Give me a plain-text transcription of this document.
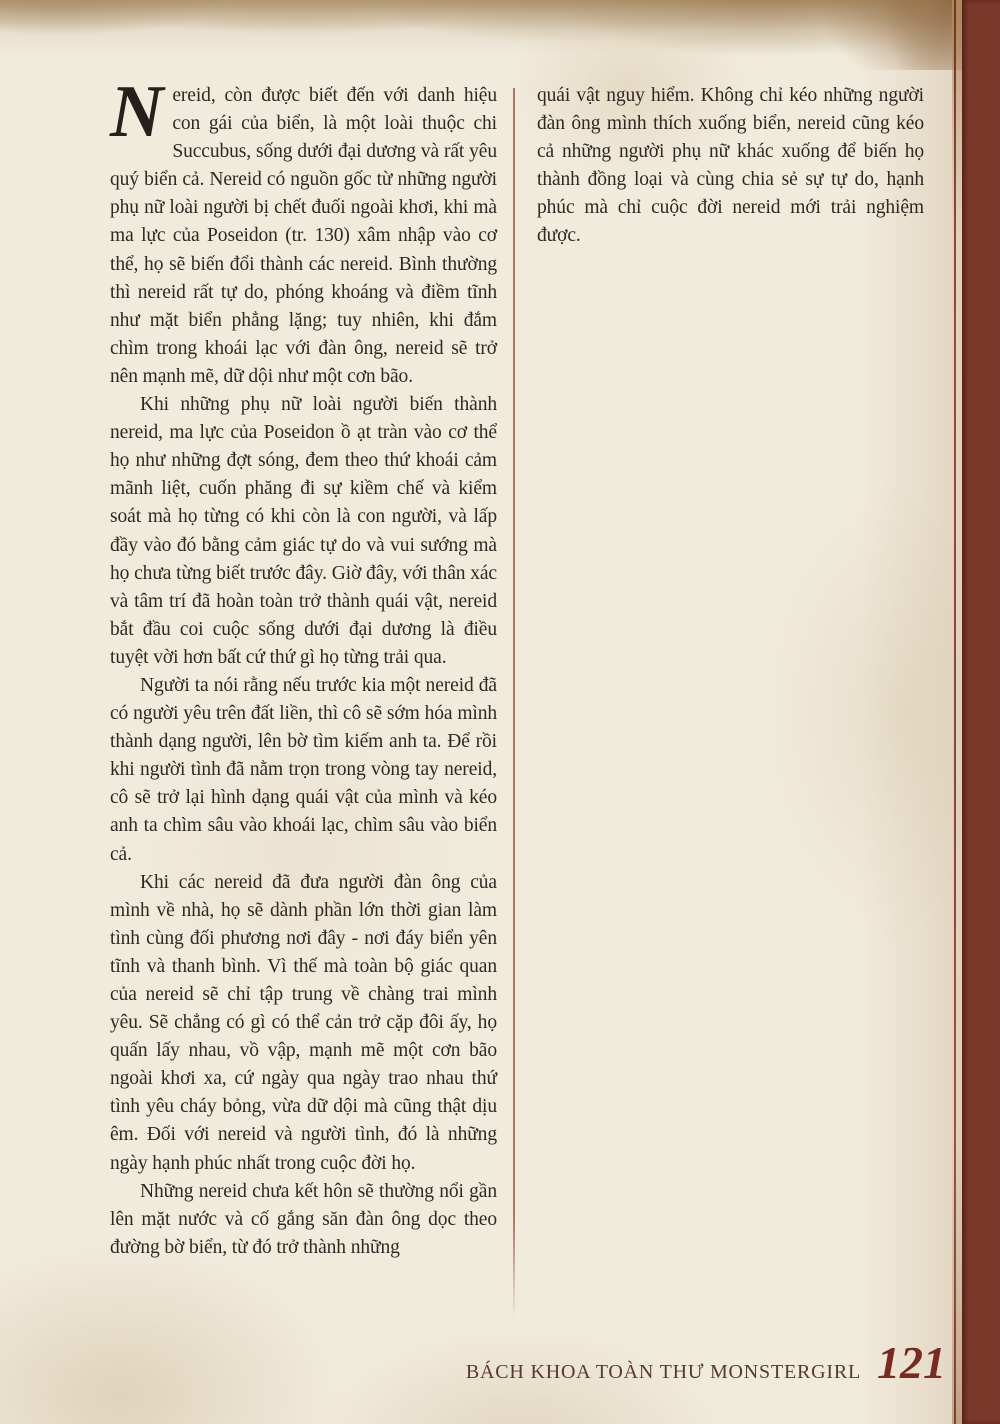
Nereid, còn được biết đến với danh hiệu con gái của biển, là một loài thuộc chi Succubus, sống dưới đại dương và rất yêu quý biển cả. Nereid có nguồn gốc từ những người phụ nữ loài người bị chết đuối ngoài khơi, khi mà ma lực của Poseidon (tr. 130) xâm nhập vào cơ thể, họ sẽ biến đổi thành các nereid. Bình thường thì nereid rất tự do, phóng khoáng và điềm tĩnh như mặt biển phẳng lặng; tuy nhiên, khi đắm chìm trong khoái lạc với đàn ông, nereid sẽ trở nên mạnh mẽ, dữ dội như một cơn bão.

Khi những phụ nữ loài người biến thành nereid, ma lực của Poseidon ồ ạt tràn vào cơ thể họ như những đợt sóng, đem theo thứ khoái cảm mãnh liệt, cuốn phăng đi sự kiềm chế và kiểm soát mà họ từng có khi còn là con người, và lấp đầy vào đó bằng cảm giác tự do và vui sướng mà họ chưa từng biết trước đây. Giờ đây, với thân xác và tâm trí đã hoàn toàn trở thành quái vật, nereid bắt đầu coi cuộc sống dưới đại dương là điều tuyệt vời hơn bất cứ thứ gì họ từng trải qua.

Người ta nói rằng nếu trước kia một nereid đã có người yêu trên đất liền, thì cô sẽ sớm hóa mình thành dạng người, lên bờ tìm kiếm anh ta. Để rồi khi người tình đã nằm trọn trong vòng tay nereid, cô sẽ trở lại hình dạng quái vật của mình và kéo anh ta chìm sâu vào khoái lạc, chìm sâu vào biển cả.

Khi các nereid đã đưa người đàn ông của mình về nhà, họ sẽ dành phần lớn thời gian làm tình cùng đối phương nơi đây - nơi đáy biển yên tĩnh và thanh bình. Vì thế mà toàn bộ giác quan của nereid sẽ chỉ tập trung về chàng trai mình yêu. Sẽ chẳng có gì có thể cản trở cặp đôi ấy, họ quấn lấy nhau, vồ vập, mạnh mẽ một cơn bão ngoài khơi xa, cứ ngày qua ngày trao nhau thứ tình yêu cháy bỏng, vừa dữ dội mà cũng thật dịu êm. Đối với nereid và người tình, đó là những ngày hạnh phúc nhất trong cuộc đời họ.

Những nereid chưa kết hôn sẽ thường nổi gần lên mặt nước và cố gắng săn đàn ông dọc theo đường bờ biển, từ đó trở thành những

quái vật nguy hiểm. Không chỉ kéo những người đàn ông mình thích xuống biển, nereid cũng kéo cả những người phụ nữ khác xuống để biến họ thành đồng loại và cùng chia sẻ sự tự do, hạnh phúc mà chỉ cuộc đời nereid mới trải nghiệm được.

BÁCH KHOA TOÀN THƯ MONSTERGIRL 121
